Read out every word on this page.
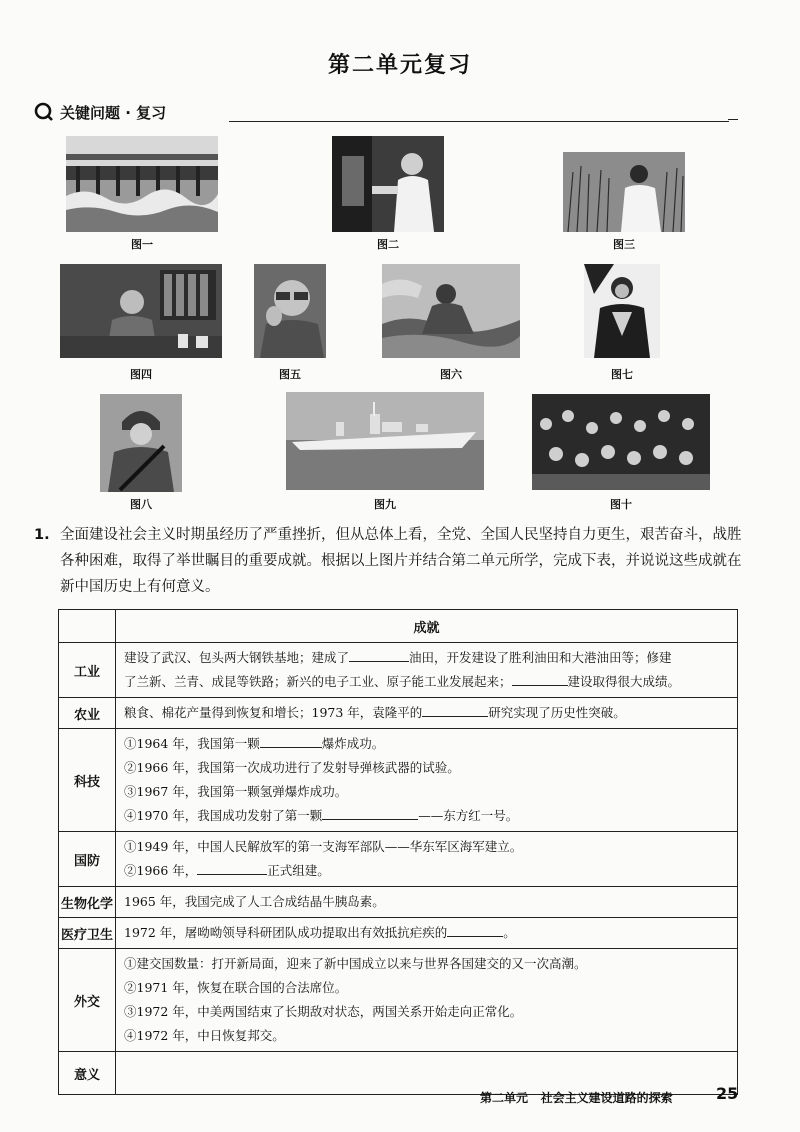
第二单元复习
关键问题 · 复习
图一	图二	图三
图四	图五	图六	图七
图八	图九	图十
1. 全面建设社会主义时期虽经历了严重挫折，但从总体上看，全党、全国人民坚持自力更生，艰苦奋斗，战胜各种困难，取得了举世瞩目的重要成就。根据以上图片并结合第二单元所学，完成下表，并说说这些成就在新中国历史上有何意义。
	成就
工业	建设了武汉、包头两大钢铁基地；建成了 油田，开发建设了胜利油田和大港油田等；修建
了兰新、兰青、成昆等铁路；新兴的电子工业、原子能工业发展起来； 建设取得很大成绩。

农业	粮食、棉花产量得到恢复和增长；1973 年，袁隆平的 研究实现了历史性突破。

科技	①1964 年，我国第一颗 爆炸成功。
②1966 年，我国第一次成功进行了发射导弹核武器的试验。
③1967 年，我国第一颗氢弹爆炸成功。
④1970 年，我国成功发射了第一颗 ——东方红一号。

国防	①1949 年，中国人民解放军的第一支海军部队——华东军区海军建立。
②1966 年， 正式组建。

生物化学	1965 年，我国完成了人工合成结晶牛胰岛素。

医疗卫生	1972 年，屠呦呦领导科研团队成功提取出有效抵抗疟疾的 。

外交	①建交国数量：打开新局面，迎来了新中国成立以来与世界各国建交的又一次高潮。
②1971 年，恢复在联合国的合法席位。
③1972 年，中美两国结束了长期敌对状态，两国关系开始走向正常化。
④1972 年，中日恢复邦交。

意义	
第二单元 社会主义建设道路的探索	25
